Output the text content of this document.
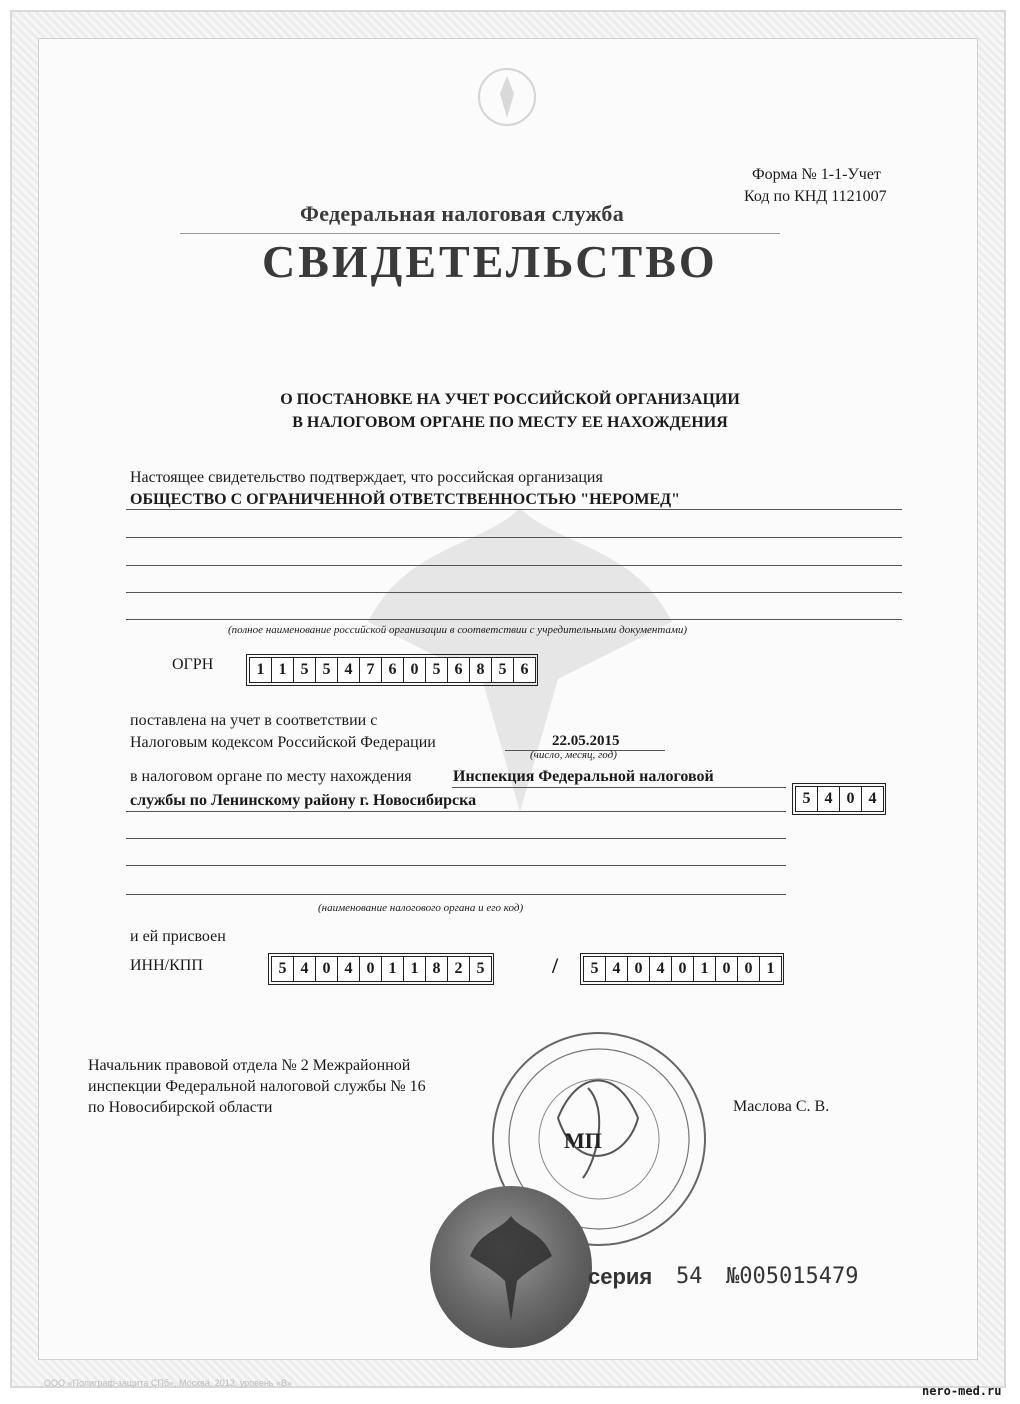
Форма № 1-1-Учет
Код по КНД 1121007
Федеральная налоговая служба
СВИДЕТЕЛЬСТВО
О ПОСТАНОВКЕ НА УЧЕТ РОССИЙСКОЙ ОРГАНИЗАЦИИ
В НАЛОГОВОМ ОРГАНЕ ПО МЕСТУ ЕЕ НАХОЖДЕНИЯ
Настоящее свидетельство подтверждает, что российская организация
ОБЩЕСТВО С ОГРАНИЧЕННОЙ ОТВЕТСТВЕННОСТЬЮ "НЕРОМЕД"
(полное наименование российской организации в соответствии с учредительными документами)
ОГРН	1 1 5 5 4 7 6 0 5 6 8 5 6
поставлена на учет в соответствии с
Налоговым кодексом Российской Федерации	22.05.2015
(число, месяц, год)
в налоговом органе по месту нахождения	Инспекция Федеральной налоговой
службы по Ленинскому району г. Новосибирска	5 4 0 4
(наименование налогового органа и его код)
и ей присвоен
ИНН/КПП	5 4 0 4 0 1 1 8 2 5	/	5 4 0 4 0 1 0 0 1
Начальник правовой отдела № 2 Межрайонной
инспекции Федеральной налоговой службы № 16
по Новосибирской области	Маслова С. В.
МП
серия 54 №005015479
ООО «Полиграф-защита СПб», Москва, 2013, уровень «В»
nero-med.ru
